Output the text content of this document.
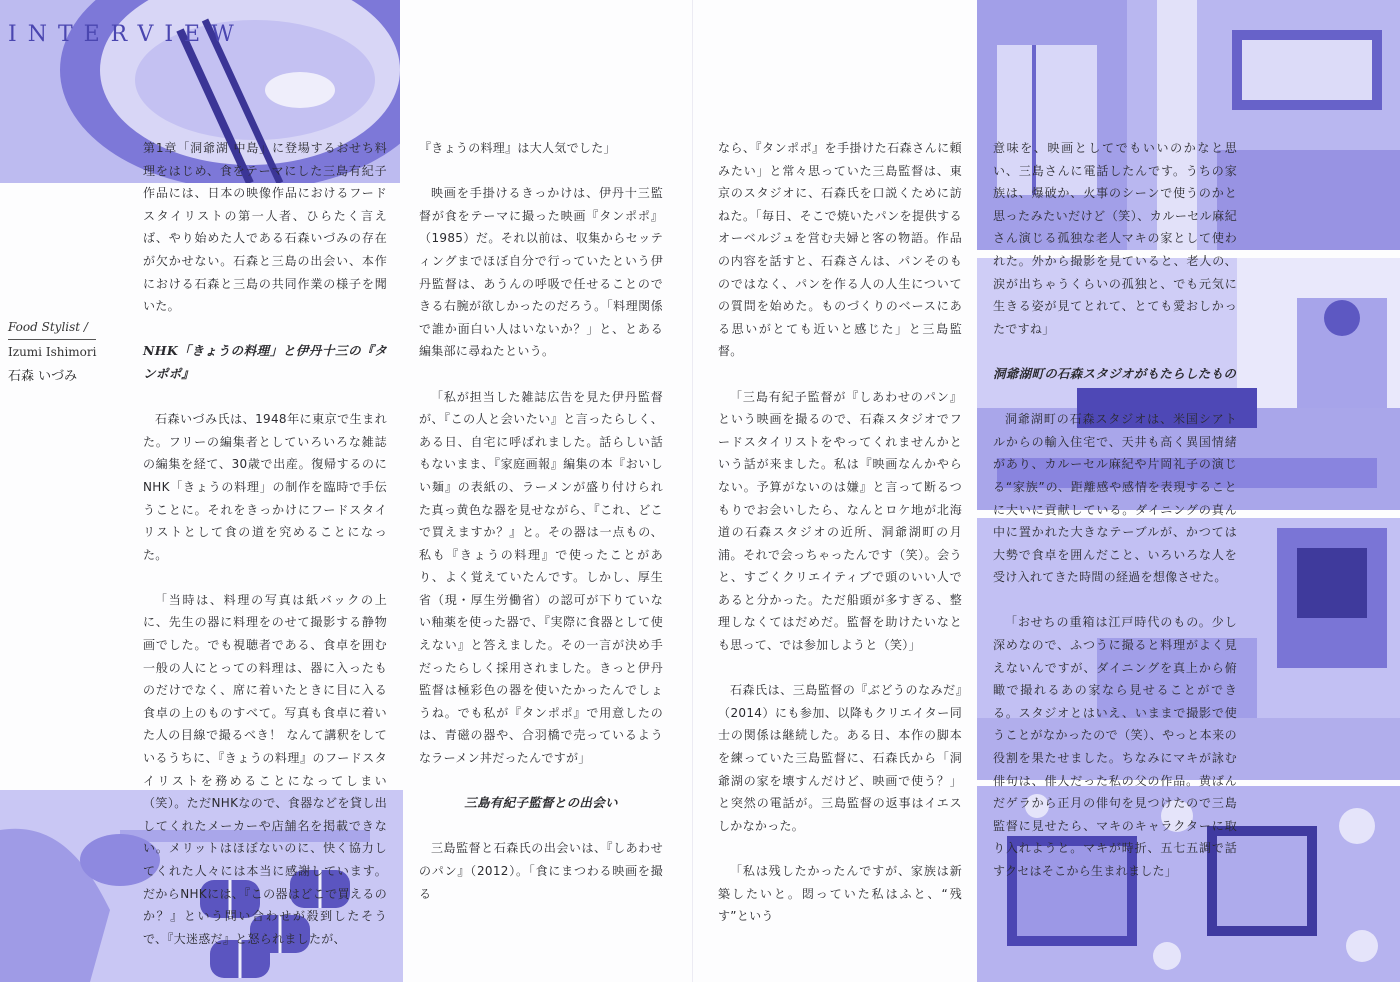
INTERVIEW
Food Stylist /
Izumi Ishimori
石森 いづみ

第1章「洞爺湖 中島」に登場するおせち料理をはじめ、食をテーマにした三島有紀子作品には、日本の映像作品におけるフードスタイリストの第一人者、ひらたく言えば、やり始めた人である石森いづみの存在が欠かせない。石森と三島の出会い、本作における石森と三島の共同作業の様子を聞いた。

NHK「きょうの料理」と伊丹十三の『タンポポ』

石森いづみ氏は、1948年に東京で生まれた。フリーの編集者としていろいろな雑誌の編集を経て、30歳で出産。復帰するのにNHK「きょうの料理」の制作を臨時で手伝うことに。それをきっかけにフードスタイリストとして食の道を究めることになった。

「当時は、料理の写真は紙バックの上に、先生の器に料理をのせて撮影する静物画でした。でも視聴者である、食卓を囲む一般の人にとっての料理は、器に入ったものだけでなく、席に着いたときに目に入る食卓の上のものすべて。写真も食卓に着いた人の目線で撮るべき！ なんて講釈をしているうちに、『きょうの料理』のフードスタイリストを務めることになってしまい（笑）。ただNHKなので、食器などを貸し出してくれたメーカーや店舗名を掲載できない。メリットはほぼないのに、快く協力してくれた人々には本当に感謝しています。だからNHKには、『この器はどこで買えるのか？』という問い合わせが殺到したそうで、『大迷惑だ』と怒られましたが、

『きょうの料理』は大人気でした」

映画を手掛けるきっかけは、伊丹十三監督が食をテーマに撮った映画『タンポポ』（1985）だ。それ以前は、収集からセッティングまでほぼ自分で行っていたという伊丹監督は、あうんの呼吸で任せることのできる右腕が欲しかったのだろう。「料理関係で誰か面白い人はいないか？」と、とある編集部に尋ねたという。

「私が担当した雑誌広告を見た伊丹監督が、『この人と会いたい』と言ったらしく、ある日、自宅に呼ばれました。話らしい話もないまま、『家庭画報』編集の本『おいしい麺』の表紙の、ラーメンが盛り付けられた真っ黄色な器を見せながら、『これ、どこで買えますか？』と。その器は一点もの、私も『きょうの料理』で使ったことがあり、よく覚えていたんです。しかし、厚生省（現・厚生労働省）の認可が下りていない釉薬を使った器で、『実際に食器として使えない』と答えました。その一言が決め手だったらしく採用されました。きっと伊丹監督は極彩色の器を使いたかったんでしょうね。でも私が『タンポポ』で用意したのは、青磁の器や、合羽橋で売っているようなラーメン丼だったんですが」

三島有紀子監督との出会い

三島監督と石森氏の出会いは、『しあわせのパン』（2012）。「食にまつわる映画を撮る

なら、『タンポポ』を手掛けた石森さんに頼みたい」と常々思っていた三島監督は、東京のスタジオに、石森氏を口説くために訪ねた。「毎日、そこで焼いたパンを提供するオーベルジュを営む夫婦と客の物語。作品の内容を話すと、石森さんは、パンそのものではなく、パンを作る人の人生についての質問を始めた。ものづくりのベースにある思いがとても近いと感じた」と三島監督。

「三島有紀子監督が『しあわせのパン』という映画を撮るので、石森スタジオでフードスタイリストをやってくれませんかという話が来ました。私は『映画なんかやらない。予算がないのは嫌』と言って断るつもりでお会いしたら、なんとロケ地が北海道の石森スタジオの近所、洞爺湖町の月浦。それで会っちゃったんです（笑）。会うと、すごくクリエイティブで頭のいい人であると分かった。ただ船頭が多すぎる、整理しなくてはだめだ。監督を助けたいなとも思って、では参加しようと（笑）」

石森氏は、三島監督の『ぶどうのなみだ』（2014）にも参加、以降もクリエイター同士の関係は継続した。ある日、本作の脚本を練っていた三島監督に、石森氏から「洞爺湖の家を壊すんだけど、映画で使う？」と突然の電話が。三島監督の返事はイエスしかなかった。

「私は残したかったんですが、家族は新築したいと。悶っていた私はふと、“残す”という

意味を、映画としてでもいいのかなと思い、三島さんに電話したんです。うちの家族は、爆破か、火事のシーンで使うのかと思ったみたいだけど（笑）、カルーセル麻紀さん演じる孤独な老人マキの家として使われた。外から撮影を見ていると、老人の、涙が出ちゃうくらいの孤独と、でも元気に生きる姿が見てとれて、とても愛おしかったですね」

洞爺湖町の石森スタジオがもたらしたもの

洞爺湖町の石森スタジオは、米国シアトルからの輸入住宅で、天井も高く異国情緒があり、カルーセル麻紀や片岡礼子の演じる“家族”の、距離感や感情を表現することに大いに貢献している。ダイニングの真ん中に置かれた大きなテーブルが、かつては大勢で食卓を囲んだこと、いろいろな人を受け入れてきた時間の経過を想像させた。

「おせちの重箱は江戸時代のもの。少し深めなので、ふつうに撮ると料理がよく見えないんですが、ダイニングを真上から俯瞰で撮れるあの家なら見せることができる。スタジオとはいえ、いままで撮影で使うことがなかったので（笑）、やっと本来の役割を果たせました。ちなみにマキが詠む俳句は、俳人だった私の父の作品。黄ばんだゲラから正月の俳句を見つけたので三島監督に見せたら、マキのキャラクターに取り入れようと。マキが時折、五七五調で話すクセはそこから生まれました」
